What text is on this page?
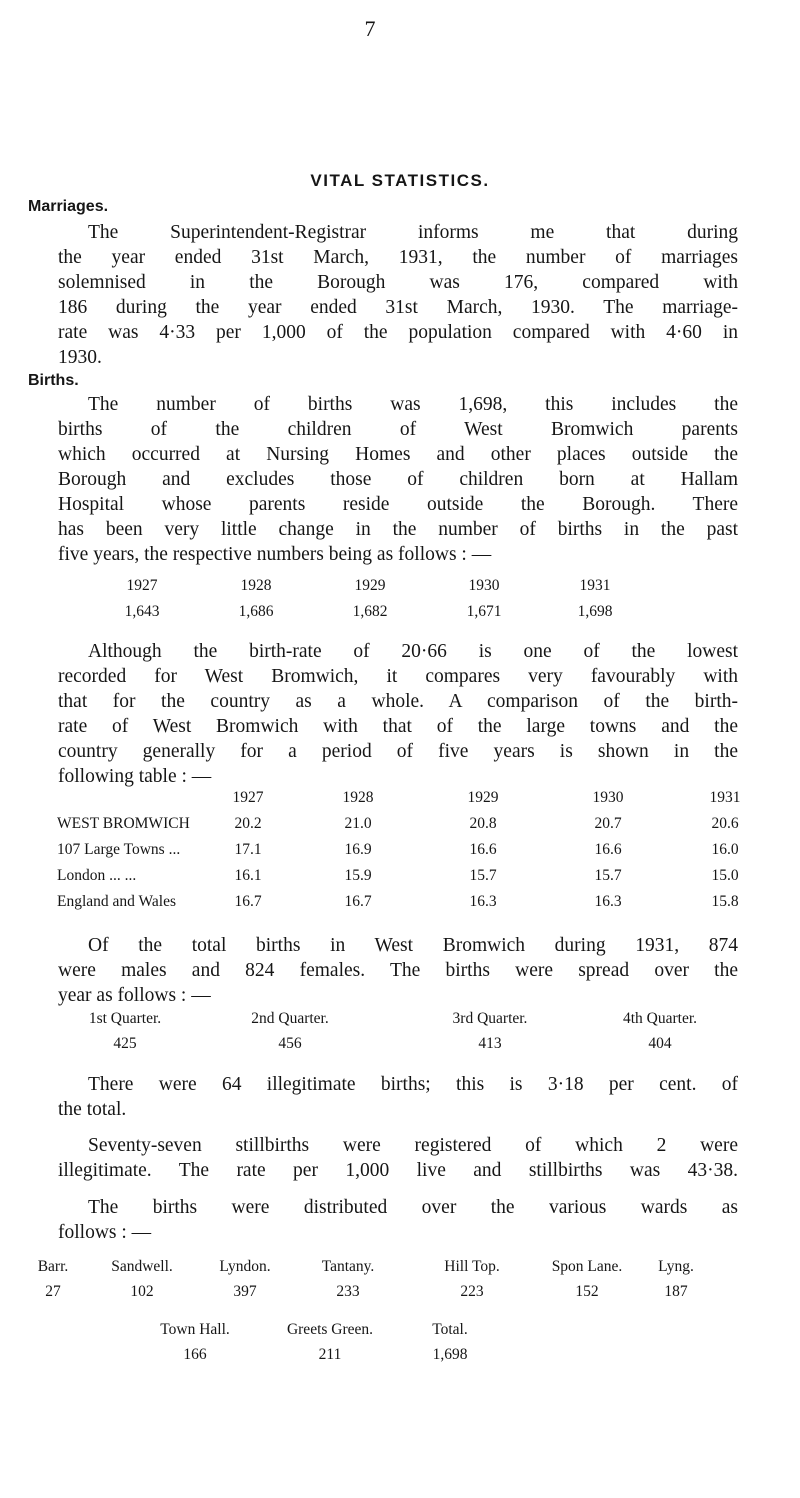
7
VITAL STATISTICS.
Marriages.
The Superintendent-Registrar informs me that during
the year ended 31st March, 1931, the number of marriages
solemnised in the Borough was 176, compared with
186 during the year ended 31st March, 1930. The marriage-
rate was 4·33 per 1,000 of the population compared with 4·60 in
1930.
Births.
The number of births was 1,698, this includes the
births of the children of West Bromwich parents
which occurred at Nursing Homes and other places outside the
Borough and excludes those of children born at Hallam
Hospital whose parents reside outside the Borough. There
has been very little change in the number of births in the past
five years, the respective numbers being as follows : —
1927	1928	1929	1930	1931
1,643	1,686	1,682	1,671	1,698
Although the birth-rate of 20·66 is one of the lowest
recorded for West Bromwich, it compares very favourably with
that for the country as a whole. A comparison of the birth-
rate of West Bromwich with that of the large towns and the
country generally for a period of five years is shown in the
following table : —
1927	1928	1929	1930	1931
WEST BROMWICH	20.2	21.0	20.8	20.7	20.6
107 Large Towns ...	17.1	16.9	16.6	16.6	16.0
London ... ...	16.1	15.9	15.7	15.7	15.0
England and Wales	16.7	16.7	16.3	16.3	15.8
Of the total births in West Bromwich during 1931, 874
were males and 824 females. The births were spread over the
year as follows : —
1st Quarter.	2nd Quarter.	3rd Quarter.	4th Quarter.
425	456	413	404
There were 64 illegitimate births; this is 3·18 per cent. of
the total.
Seventy-seven stillbirths were registered of which 2 were
illegitimate. The rate per 1,000 live and stillbirths was 43·38.
The births were distributed over the various wards as
follows : —
Barr.	Sandwell.	Lyndon.	Tantany.	Hill Top.	Spon Lane.	Lyng.
27	102	397	233	223	152	187
Town Hall.	Greets Green.	Total.
166	211	1,698
